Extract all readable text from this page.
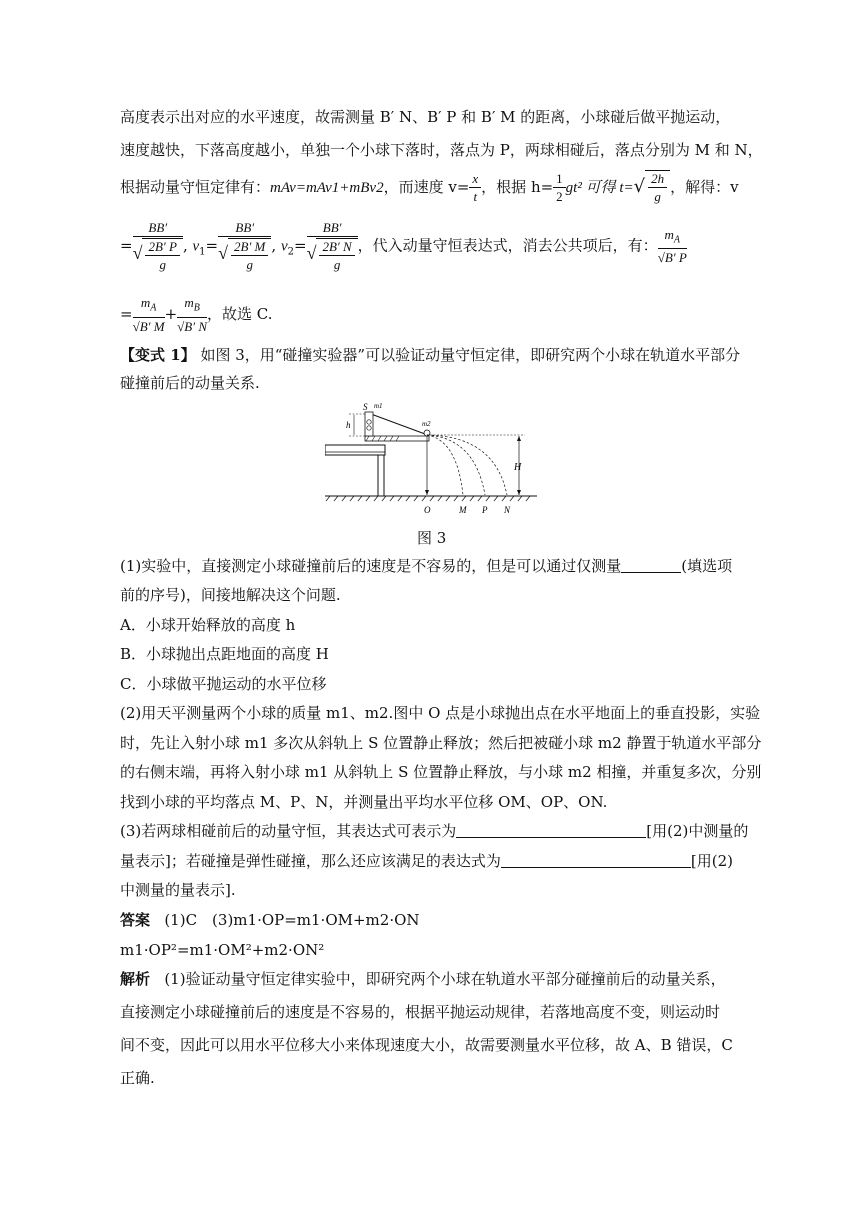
高度表示出对应的水平速度，故需测量 B′ N、B′ P 和 B′ M 的距离，小球碰后做平抛运动，
速度越快，下落高度越小，单独一个小球下落时，落点为 P，两球相碰后，落点分别为 M 和 N，
根据动量守恒定律有：mAv=mAv1+mBv2，而速度 $v= \frac{x}{t}$ ，根据 $h= \frac{1}{2} gt^2$ 可得 $t=√ \frac{2h}{g}$ ，解得：v
= $\frac{BB'}{√ \frac{2B' P}{g}}$ , $v_1= \frac{BB'}{√ \frac{2B' M}{g}}$ , $v_2= \frac{BB'}{√ \frac{2B' N}{g}}$ ，代入动量守恒表达式，消去公共项后，有： $\frac{m_A}{√B' P}$
= $\frac{m_A}{√B' M} + \frac{m_B}{√B' N}$ ，故选 C.
【变式 1】 如图 3，用“碰撞实验器”可以验证动量守恒定律，即研究两个小球在轨道水平部分
碰撞前后的动量关系.
h
S m1
m2
H
O	M P N
图 3
(1)实验中，直接测定小球碰撞前后的速度是不容易的，但是可以通过仅测量	(填选项
前的序号)，间接地解决这个问题.
A．小球开始释放的高度 h
B．小球抛出点距地面的高度 H
C．小球做平抛运动的水平位移
(2)用天平测量两个小球的质量 m1、m2.图中 O 点是小球抛出点在水平地面上的垂直投影，实验
时，先让入射小球 m1 多次从斜轨上 S 位置静止释放；然后把被碰小球 m2 静置于轨道水平部分
的右侧末端，再将入射小球 m1 从斜轨上 S 位置静止释放，与小球 m2 相撞，并重复多次，分别
找到小球的平均落点 M、P、N，并测量出平均水平位移 OM、OP、ON.
(3)若两球相碰前后的动量守恒，其表达式可表示为	[用(2)中测量的
量表示]；若碰撞是弹性碰撞，那么还应该满足的表达式为	[用(2)
中测量的量表示].
答案 (1)C　(3)m1·OP=m1·OM+m2·ON
m1·OP²=m1·OM²+m2·ON²
解析 (1)验证动量守恒定律实验中，即研究两个小球在轨道水平部分碰撞前后的动量关系，
直接测定小球碰撞前后的速度是不容易的，根据平抛运动规律，若落地高度不变，则运动时
间不变，因此可以用水平位移大小来体现速度大小，故需要测量水平位移，故 A、B 错误，C
正确.
